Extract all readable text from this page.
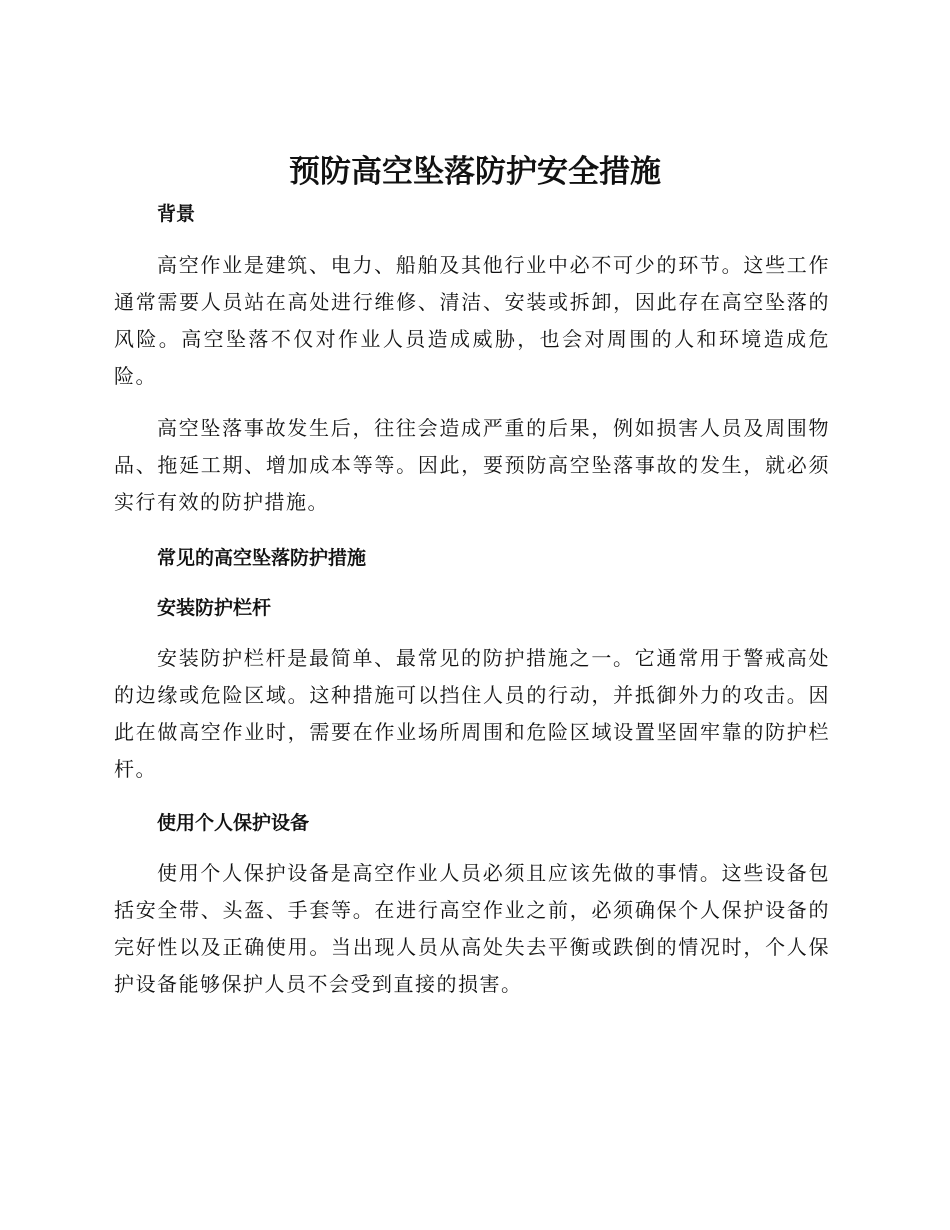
预防高空坠落防护安全措施
背景

高空作业是建筑、电力、船舶及其他行业中必不可少的环节。这些工作通常需要人员站在高处进行维修、清洁、安装或拆卸，因此存在高空坠落的风险。高空坠落不仅对作业人员造成威胁，也会对周围的人和环境造成危险。

高空坠落事故发生后，往往会造成严重的后果，例如损害人员及周围物品、拖延工期、增加成本等等。因此，要预防高空坠落事故的发生，就必须实行有效的防护措施。

常见的高空坠落防护措施
安装防护栏杆

安装防护栏杆是最简单、最常见的防护措施之一。它通常用于警戒高处的边缘或危险区域。这种措施可以挡住人员的行动，并抵御外力的攻击。因此在做高空作业时，需要在作业场所周围和危险区域设置坚固牢靠的防护栏杆。

使用个人保护设备

使用个人保护设备是高空作业人员必须且应该先做的事情。这些设备包括安全带、头盔、手套等。在进行高空作业之前，必须确保个人保护设备的完好性以及正确使用。当出现人员从高处失去平衡或跌倒的情况时，个人保护设备能够保护人员不会受到直接的损害。
